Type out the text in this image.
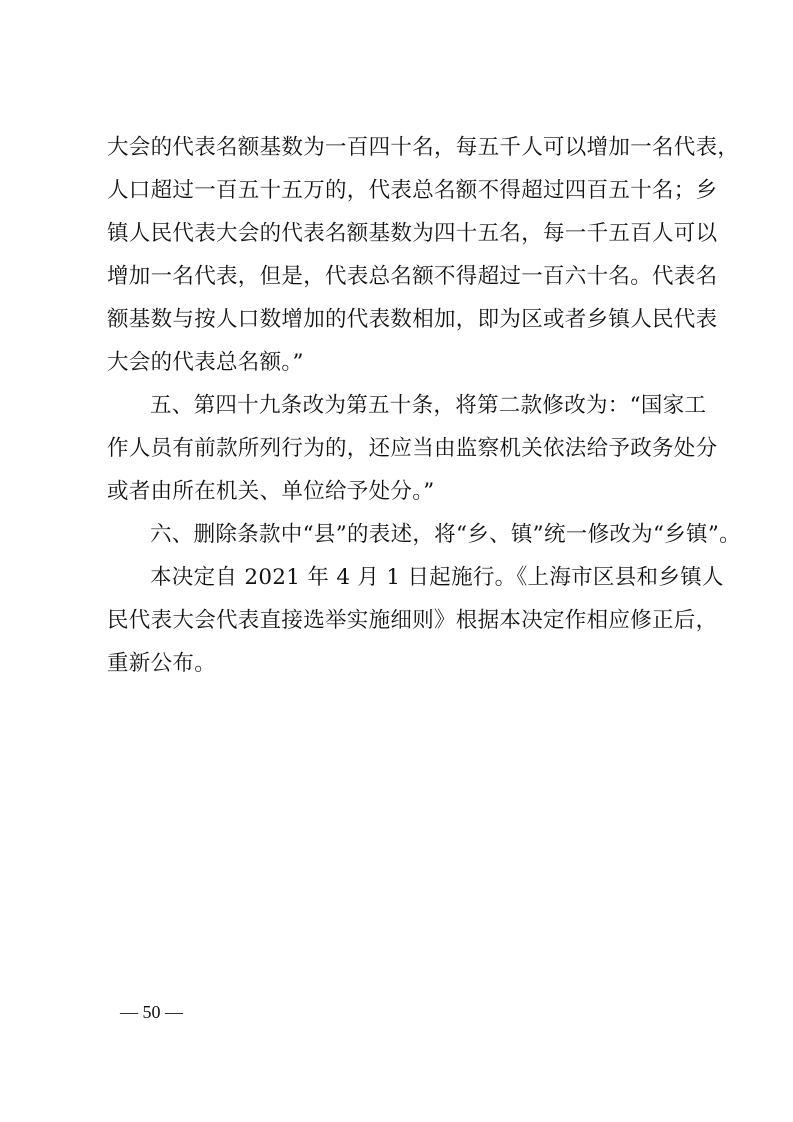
大会的代表名额基数为一百四十名，每五千人可以增加一名代表，
人口超过一百五十五万的，代表总名额不得超过四百五十名；乡
镇人民代表大会的代表名额基数为四十五名，每一千五百人可以
增加一名代表，但是，代表总名额不得超过一百六十名。代表名
额基数与按人口数增加的代表数相加，即为区或者乡镇人民代表
大会的代表总名额。”
五、第四十九条改为第五十条，将第二款修改为：“国家工
作人员有前款所列行为的，还应当由监察机关依法给予政务处分
或者由所在机关、单位给予处分。”
六、删除条款中“县”的表述，将“乡、镇”统一修改为“乡镇”。
本决定自 2021 年 4 月 1 日起施行。《上海市区县和乡镇人
民代表大会代表直接选举实施细则》根据本决定作相应修正后，
重新公布。
— 50 —
